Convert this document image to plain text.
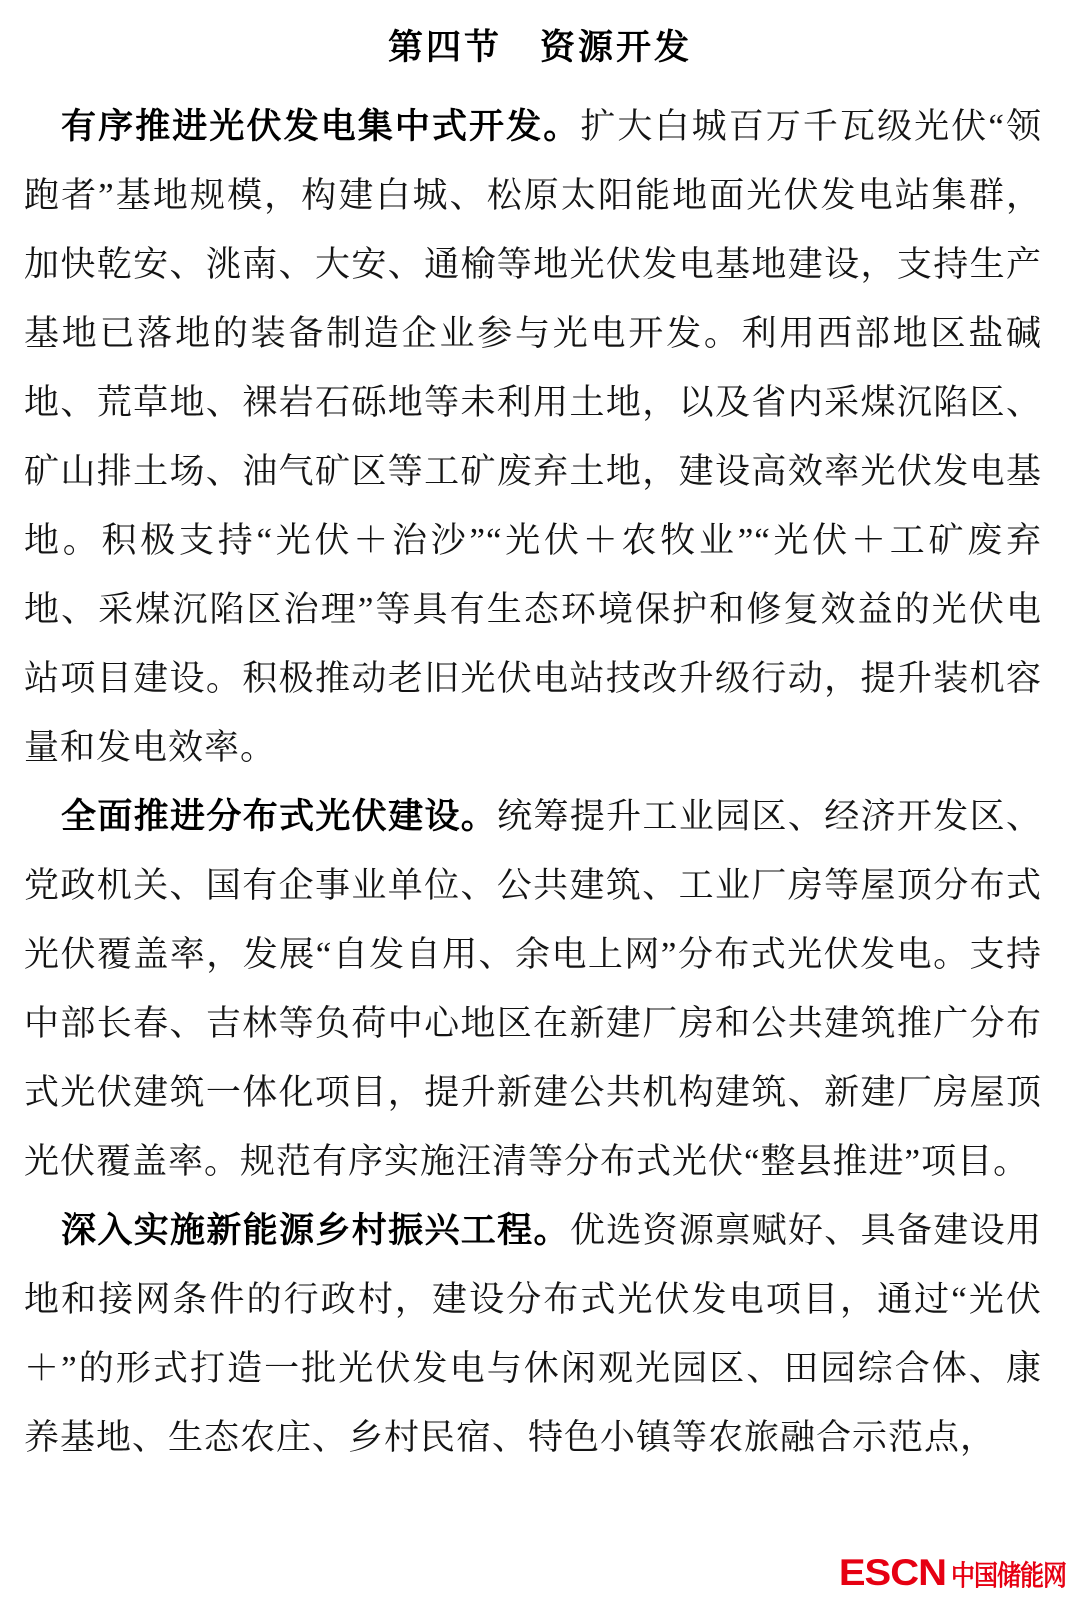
第四节　资源开发

有序推进光伏发电集中式开发。扩大白城百万千瓦级光伏“领跑者”基地规模，构建白城、松原太阳能地面光伏发电站集群，加快乾安、洮南、大安、通榆等地光伏发电基地建设，支持生产基地已落地的装备制造企业参与光电开发。利用西部地区盐碱地、荒草地、裸岩石砾地等未利用土地，以及省内采煤沉陷区、矿山排土场、油气矿区等工矿废弃土地，建设高效率光伏发电基地。积极支持“光伏＋治沙”“光伏＋农牧业”“光伏＋工矿废弃地、采煤沉陷区治理”等具有生态环境保护和修复效益的光伏电站项目建设。积极推动老旧光伏电站技改升级行动，提升装机容量和发电效率。

全面推进分布式光伏建设。统筹提升工业园区、经济开发区、党政机关、国有企事业单位、公共建筑、工业厂房等屋顶分布式光伏覆盖率，发展“自发自用、余电上网”分布式光伏发电。支持中部长春、吉林等负荷中心地区在新建厂房和公共建筑推广分布式光伏建筑一体化项目，提升新建公共机构建筑、新建厂房屋顶光伏覆盖率。规范有序实施汪清等分布式光伏“整县推进”项目。

深入实施新能源乡村振兴工程。优选资源禀赋好、具备建设用地和接网条件的行政村，建设分布式光伏发电项目，通过“光伏＋”的形式打造一批光伏发电与休闲观光园区、田园综合体、康养基地、生态农庄、乡村民宿、特色小镇等农旅融合示范点，

ESCN 中国储能网
